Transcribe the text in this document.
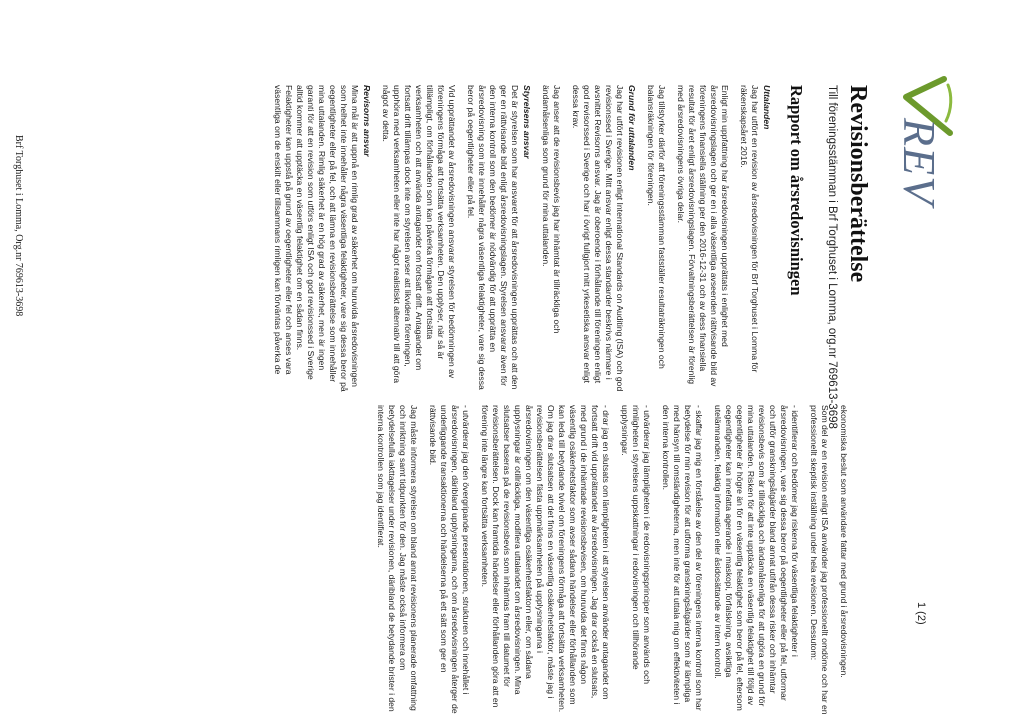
REV
1 (2)
Revisionsberättelse

Till föreningsstämman i Brf Torghuset i Lomma, org.nr 769613-3698

Rapport om årsredovisningen
Uttalanden

Jag har utfört en revision av årsredovisningen för Brf Torghuset i Lomma för räkenskapsåret 2016.

Enligt min uppfattning har årsredovisningen upprättats i enlighet med årsredovisningslagen och ger en i alla väsentliga avseenden rättvisande bild av föreningens finansiella ställning per den 2016-12-31 och av dess finansiella resultat för året enligt årsredovisningslagen. Förvaltningsberättelsen är förenlig med årsredovisningens övriga delar.

Jag tillstyrker därför att föreningsstämman fastställer resultaträkningen och balansräkningen för föreningen.

Grund för uttalanden

Jag har utfört revisionen enligt International Standards on Auditing (ISA) och god revisionssed i Sverige. Mitt ansvar enligt dessa standarder beskrivs närmare i avsnittet Revisorns ansvar. Jag är oberoende i förhållande till föreningen enligt god revisorssed i Sverige och har i övrigt fullgjort mitt yrkesetiska ansvar enligt dessa krav.

Jag anser att de revisionsbevis jag har inhämtat är tillräckliga och ändamålsenliga som grund för mina uttalanden.

Styrelsens ansvar

Det är styrelsen som har ansvaret för att årsredovisningen upprättas och att den ger en rättvisande bild enligt årsredovisningslagen. Styrelsen ansvarar även för den interna kontroll som den bedömer är nödvändig för att upprätta en årsredovisning som inte innehåller några väsentliga felaktigheter, vare sig dessa beror på oegentligheter eller på fel.

Vid upprättandet av årsredovisningen ansvarar styrelsen för bedömningen av föreningens förmåga att fortsätta verksamheten. Den upplyser, när så är tillämpligt, om förhållanden som kan påverka förmågan att fortsätta verksamheten och att använda antagandet om fortsatt drift. Antagandet om fortsatt drift tillämpas dock inte om styrelsen avser att likvidera föreningen, upphöra med verksamheten eller inte har något realistiskt alternativ till att göra något av detta.

Revisorns ansvar

Mina mål är att uppnå en rimlig grad av säkerhet om huruvida årsredovisningen som helhet inte innehåller några väsentliga felaktigheter, vare sig dessa beror på oegentligheter eller på fel, och att lämna en revisionsberättelse som innehåller mina uttalanden. Rimlig säkerhet är en hög grad av säkerhet, men är ingen garanti för att en revision som utförs enligt ISA och god revisionssed i Sverige alltid kommer att upptäcka en väsentlig felaktighet om en sådan finns. Felaktigheter kan uppstå på grund av oegentligheter eller fel och anses vara väsentliga om de enskilt eller tillsammans rimligen kan förväntas påverka de

ekonomiska beslut som användare fattar med grund i årsredovisningen.

Som del av en revision enligt ISA använder jag professionellt omdöme och har en professionellt skeptisk inställning under hela revisionen. Dessutom:

- identifierar och bedömer jag riskerna för väsentliga felaktigheter i årsredovisningen, vare sig dessa beror på oegentligheter eller på fel, utformar och utför granskningsåtgärder bland annat utifrån dessa risker och inhämtar revisionsbevis som är tillräckliga och ändamålsenliga för att utgöra en grund för mina uttalanden. Risken för att inte upptäcka en väsentlig felaktighet till följd av oegentligheter är högre än för en väsentlig felaktighet som beror på fel, eftersom oegentligheter kan innefatta agerande i maskopi, förfalskning, avsiktliga utelämnanden, felaktig information eller åsidosättande av intern kontroll.

- skaffar jag mig en förståelse av den del av föreningens interna kontroll som har betydelse för min revision för att utforma granskningsåtgärder som är lämpliga med hänsyn till omständigheterna, men inte för att uttala mig om effektiviteten i den interna kontrollen.

- utvärderar jag lämpligheten i de redovisningsprinciper som används och rimligheten i styrelsens uppskattningar i redovisningen och tillhörande upplysningar.

- drar jag en slutsats om lämpligheten i att styrelsen använder antagandet om fortsatt drift vid upprättandet av årsredovisningen. Jag drar också en slutsats, med grund i de inhämtade revisionsbevisen, om huruvida det finns någon väsentlig osäkerhetsfaktor som avser sådana händelser eller förhållanden som kan leda till betydande tvivel om föreningens förmåga att fortsätta verksamheten. Om jag drar slutsatsen att det finns en väsentlig osäkerhetsfaktor, måste jag i revisionsberättelsen fästa uppmärksamheten på upplysningarna i årsredovisningen om den väsentliga osäkerhetsfaktorn eller, om sådana upplysningar är otillräckliga, modifiera uttalandet om årsredovisningen. Mina slutsatser baseras på de revisionsbevis som inhämtas fram till datumet för revisionsberättelsen. Dock kan framtida händelser eller förhållanden göra att en förening inte längre kan fortsätta verksamheten.

- utvärderar jag den övergripande presentationen, strukturen och innehållet i årsredovisningen, däribland upplysningarna, och om årsredovisningen återger de underliggande transaktionerna och händelserna på ett sätt som ger en rättvisande bild.

Jag måste informera styrelsen om bland annat revisionens planerade omfattning och inriktning samt tidpunkten för den. Jag måste också informera om betydelsefulla iakttagelser under revisionen, däribland de betydande brister i den interna kontrollen som jag identifierat.

Brf Torghuset i Lomma, Org.nr 769613-3698
